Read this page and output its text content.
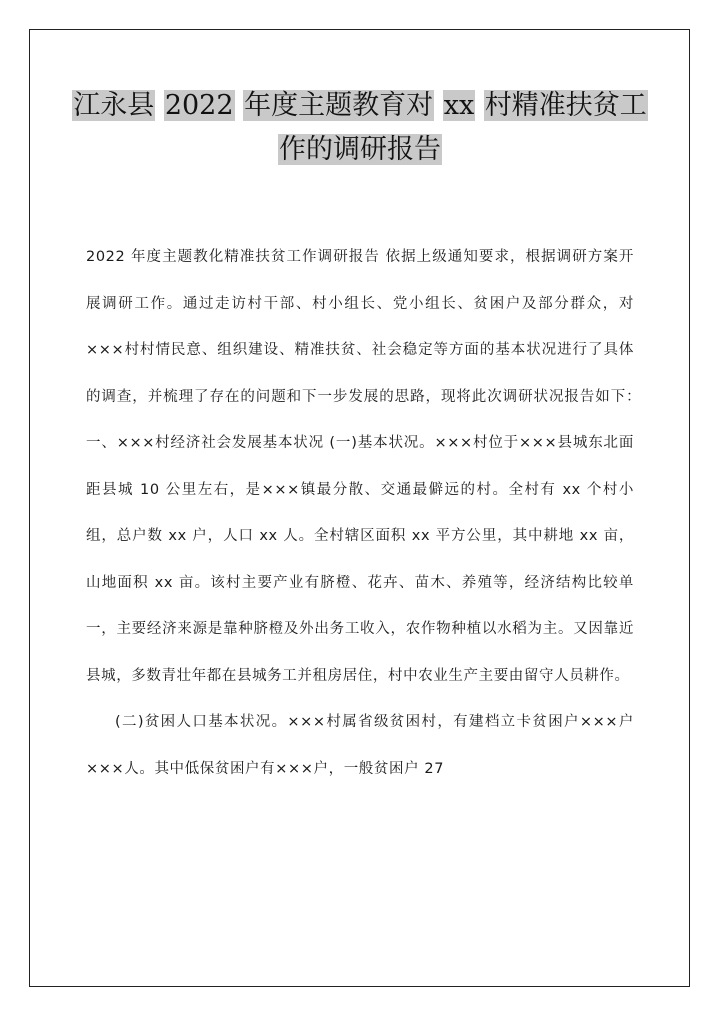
江永县 2022 年度主题教育对 xx 村精准扶贫工
作的调研报告

2022 年度主题教化精准扶贫工作调研报告 依据上级通知要求，根据调研方案开展调研工作。通过走访村干部、村小组长、党小组长、贫困户及部分群众，对×××村村情民意、组织建设、精准扶贫、社会稳定等方面的基本状况进行了具体的调查，并梳理了存在的问题和下一步发展的思路，现将此次调研状况报告如下：　　　一、×××村经济社会发展基本状况 (一)基本状况。×××村位于×××县城东北面距县城 10 公里左右，是×××镇最分散、交通最僻远的村。全村有 xx 个村小组，总户数 xx 户，人口 xx 人。全村辖区面积 xx 平方公里，其中耕地 xx 亩，山地面积 xx 亩。该村主要产业有脐橙、花卉、苗木、养殖等，经济结构比较单一，主要经济来源是靠种脐橙及外出务工收入，农作物种植以水稻为主。又因靠近县城，多数青壮年都在县城务工并租房居住，村中农业生产主要由留守人员耕作。

(二)贫困人口基本状况。×××村属省级贫困村，有建档立卡贫困户×××户×××人。其中低保贫困户有×××户，一般贫困户 27
